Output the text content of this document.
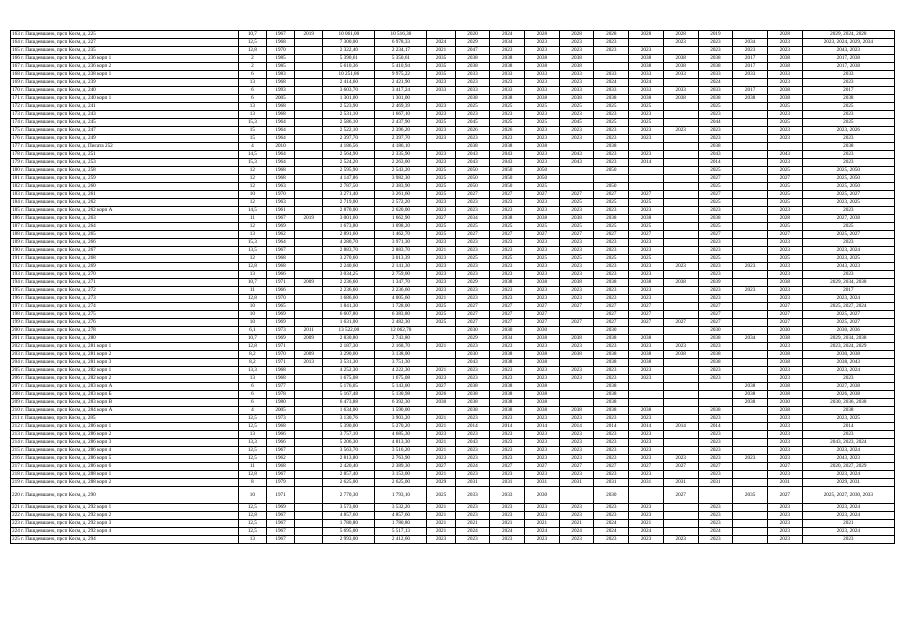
163 г. Пашдевшано, прсп Косм, д. 225	10,7	1967	2019	10 061,00	10 516,30		2020	2024	2028	2028	2028	2028	2028	2019		2028	2029, 2024, 2028
164 г. Пашдевшано, прсп Косм, д. 227	12,5	1968		7 300,00	6 978,33	2024	2029	2034	2023	2023	2023		2023	2023	2034	2023	2023, 2024, 2029, 2034
165 г. Пашдевшано, прсп Косм, д. 235	12,8	1970		2 322,40	2 234,17	2021	2047	2023	2023	2023	2023	2023		2023	2023	2023	2043, 2023
166 г. Пашдевшано, прсп Косм, д. 236 корп 1	2	1985		5 390,61	5 350,61	2035	2038	2038	2038	2038		2038	2038	2038	2017	2038	2017, 2038
167 г. Пашдевшано, прсп Косм, д. 236 корп 2	2	1985		5 610,36	5 410,94	2035	2038	2038	2038	2038		2038	2038	2038	2017	2038	2017, 2038
168 г. Пашдевшано, прсп Косм, д. 238 корп 1	6	1983		10 251,86	9 975,22	2035	2033	2033	2033	2033	2033	2033	2033	2033	2033	2033	2033
169 г. Пашдевшано, прсп Косм, д. 239	13	1968		2 414,60	2 421,90	2023	2023	2023	2023	2023	2024	2024		2024		2023	2023
170 г. Пашдевшано, прсп Косм, д. 240	6	1993		3 603,70	3 417,24	2033	2033	2033	2033	2033	2033	2033	2033	2033	2017	2038	2017
171 г. Пашдевшано, прсп Косм, д. 240 корп 1	6	2005		1 301,00	1 301,00		2038	2038	2038	2038	2038	2038	2038	2038	2038	2038	2038
172 г. Пашдевшано, прсп Косм, д. 241	13	1968		2 523,90	2 469,39	2023	2025	2025	2025	2025	2025	2025		2025		2025	2025
173 г. Пашдевшано, прсп Косм, д. 243	13	1968		2 531,10	1 667,10	2023	2023	2023	2023	2023	2023	2023		2023		2023	2023
174 г. Пашдевшано, прсп Косм, д. 245	15,3	1964		2 586,10	2 437,90	2025	2045	2025	2025	2045	2025	2025		2044		2025	2025
175 г. Пашдевшано, прсп Косм, д. 247	15	1964		2 522,10	2 396,20	2023	2026	2026	2023	2023	2023	2023	2023	2023		2023	2023, 2026
176 г. Пашдевшано, прсп Косм, д. 249	15	1964		2 397,70	2 397,70	2023	2023	2023	2023	2023	2023	2023		2023		2023	2023
177 г. Пашдевшано, прсп Косм, д. Писата 252	4	2010		4 186,56	4 186,10		2038	2038	2038		2038			2038			2038
178 г. Пашдевшано, прсп Косм, д. 251	14,5	1964		2 564,90	2 335,90	2023	2043	2043	2023	2043	2023	2023		2043		2043	2023
179 г. Пашдевшано, прсп Косм, д. 253	15,3	1964		2 524,20	2 263,00	2023	2043	2043	2023	2043	2023	2014		2014		2023	2023
180 г. Пашдевшано, прсп Косм, д. 258	12	1968		2 595,90	2 543,20	2025	2050	2050	2050		2050			2025		2025	2025, 2050
181 г. Пашдевшано, прсп Косм, д. 259	12	1968		4 147,86	3 982,30	2025	2050	2050	2050					2027		2027	2025, 2050
182 г. Пашдевшано, прсп Косм, д. 260	12	1963		2 787,50	2 383,90	2025	2050	2050	2025		2050			2025		2025	2025, 2050
183 г. Пашдевшано, прсп Косм, д. 261	10	1970		3 271,40	3 261,60	2025	2027	2027	2027	2027	2027	2027		2027		2025	2025, 2027
184 г. Пашдевшано, прсп Косм, д. 262	12	1963		2 719,00	2 572,20	2023	2023	2023	2023	2025	2025	2025		2025		2025	2023, 2025
185 г. Пашдевшано, прсп Косм, д. 262 корп А	14,5	1961		2 870,00	2 620,00	2023	2023	2023	2023	2023	2023	2023		2023		2023	2023
186 г. Пашдевшано, прсп Косм, д. 263	11	1967	2019	3 001,60	1 662,90	2027	2034	2038	2038	2038	2038	2038		2038		2028	2027, 2038
187 г. Пашдевшано, прсп Косм, д. 264	12	1969		1 673,80	1 098,20	2025	2025	2025	2025	2025	2025	2025		2025		2025	2025
188 г. Пашдевшано, прсп Косм, д. 265	13	1962		2 891,60	1 462,70	2025	2027	2027	2027	2027	2027	2027		2027		2027	2025, 2027
189 г. Пашдевшано, прсп Косм, д. 266	15,3	1964		4 280,70	3 971,30	2023	2023	2023	2023	2023	2023	2023		2023		2023	2023
190 г. Пашдевшано, прсп Косм, д. 267	13,5	1967		2 883,70	2 883,70	2021	2023	2023	2023	2023	2023	2023		2023		2023	2023, 2024
191 г. Пашдевшано, прсп Косм, д. 268	12	1968		3 270,60	3 013,39	2023	2025	2025	2025	2025	2025	2025		2025		2025	2023, 2025
192 г. Пашдевшано, прсп Косм, д. 269	12,8	1968		2 240,60	2 141,30	2023	2023	2023	2023	2023	2023	2023	2023	2023	2023	2023	2043, 2023
193 г. Пашдевшано, прсп Косм, д. 270	13	1966		3 034,25	2 759,00	2023	2023	2023	2023	2023	2023	2023		2023		2023	2023
194 г. Пашдевшано, прсп Косм, д. 271	10,7	1971	2009	2 236,60	1 347,70	2023	2029	2038	2038	2038	2038	2038	2038	2039		2038	2029, 2034, 2038
195 г. Пашдевшано, прсп Косм, д. 272	11	1966		2 236,60	2 236,60	2023	2023	2023	2023	2023	2023	2023		2023	2023	2023	2017
196 г. Пашдевшано, прсп Косм, д. 273	12,8	1970		1 686,60	4 005,60	2021	2023	2023	2023	2023	2023	2023		2023		2023	2023, 2024
197 г. Пашдевшано, прсп Косм, д. 274	10	1965		1 841,30	1 728,00	2025	2027	2027	2027	2027	2027	2027		2027		2027	2025, 2027, 2024
198 г. Пашдевшано, прсп Косм, д. 275	10	1969		6 607,80	6 383,80	2025	2027	2027	2027		2027	2027		2027		2027	2025, 2027
199 г. Пашдевшано, прсп Косм, д. 276	10	1969		1 631,00	2 482,30	2025	2027	2027	2027	2027	2027	2027	2027	2027		2027	2025, 2027
200 г. Пашдевшано, прсп Косм, д. 278	6,1	1973	2011	13 522,00	12 062,70		2030	2030	2030		2030			2030		2030	2030, 2036
201 г. Пашдевшано, прсп Косм, д. 280	10,7	1969	2009	2 830,80	2 743,80		2029	2034	2038	2038	2038	2038		2038	2034	2038	2029, 2034, 2038
202 г. Пашдевшано, прсп Косм, д. 281 корп 1	12,8	1971		2 187,30	2 168,70	2021	2023	2023	2023	2023	2023	2023	2023	2023		2023	2023, 2024, 2029
203 г. Пашдевшано, прсп Косм, д. 281 корп 2	8,2	1970	2009	3 290,00	3 138,00		2030	2038	2038	2038	2038	2038	2038	2038		2038	2030, 2038
204 г. Пашдевшано, прсп Косм, д. 281 корп 3	8,2	1971	2013	3 531,30	3 751,30		2043	2038	2038		2038	2038		2038		2038	2038, 2043
205 г. Пашдевшано, прсп Косм, д. 282 корп 1	13,3	1968		4 252,30	4 222,30	2021	2023	2023	2023	2023	2023	2023		2023		2023	2023, 2024
206 г. Пашдевшано, прсп Косм, д. 282 корп 2	13	1968		1 675,08	1 675,08	2023	2023	2023	2023	2023	2023	2023		2023		2023	2023
207 г. Пашдевшано, прсп Косм, д. 283 корп А	6	1977		5 176,05	5 143,00	2027	2038	2038	2038		2038				2038	2038	2027, 2038
208 г. Пашдевшано, прсп Косм, д. 283 корп Б	6	1978		5 167,48	5 130,98	2026	2038	2038	2038		2038				2038	2038	2026, 2038
209 г. Пашдевшано, прсп Косм, д. 283 корп В	6	1980		6 473,88	6 392,30	2030	2038	2038	2038		2038				2038	2030	2030, 2036, 2038
210 г. Пашдевшано, прсп Косм, д. 284 корп А	4	2005		1 634,00	1 590,00		2038	2038	2038	2038	2038	2038		2038		2038	2038
211 г. Пашдевшано, прсп Косм, д. 285	12,5	1973		3 130,76	3 903,20	2021	2023	2023	2023	2023	2023	2023		2023		2023	2023, 2025
212 г. Пашдевшано, прсп Косм, д. 286 корп 1	12,5	1968		5 390,00	5 270,20	2021	2014	2014	2014	2014	2014	2014	2014	2014		2023	2014
213 г. Пашдевшано, прсп Косм, д. 286 корп 2	13	1966		3 757,10	4 685,30	2023	2023	2023	2023	2023	2023	2023		2023		2023	2023
214 г. Пашдевшано, прсп Косм, д. 286 корп 3	13,3	1966		5 206,30	4 813,30	2021	2043	2023	2023	2023	2023	2023		2023		2023	2043, 2023, 2024
215 г. Пашдевшано, прсп Косм, д. 286 корп 4	12,5	1967		3 563,70	3 516,20	2021	2023	2023	2023	2023	2023	2023		2023		2023	2023, 2024
216 г. Пашдевшано, прсп Косм, д. 286 корп 5	12,5	1962		2 813,80	2 763,90	2023	2023	2023	2023	2023	2023	2023	2023	2023	2023	2023	2043, 2023
217 г. Пашдевшано, прсп Косм, д. 286 корп 6	11	1968		2 420,40	2 389,30	2027	2024	2027	2027	2027	2027	2027	2027	2027		2027	2020, 2027, 2029
218 г. Пашдевшано, прсп Косм, д. 288 корп 1	12,8	1967		2 857,40	3 153,00	2021	2023	2023	2023	2023	2023	2023		2023		2023	2023, 2024
219 г. Пашдевшано, прсп Косм, д. 288 корп 2	8	1979		2 625,00	2 625,00	2029	2031	2031	2031	2031	2031	2031	2031	2031		2031	2029, 2031
220 г. Пашдевшано, прсп Косм, д. 290	10	1971		2 770,30	1 793,10	2025	2033	2033	2030		2030		2027		2035	2027	2025, 2027, 2030, 2033
221 г. Пашдевшано, прсп Косм, д. 292 корп 1	12,5	1969		3 573,00	3 532,20	2021	2023	2023	2023	2023	2023	2023		2023		2023	2023, 2024
222 г. Пашдевшано, прсп Косм, д. 292 корп 2	12,8	1967		4 857,60	4 857,60	2021	2023	2023	2023	2023	2023	2023		2023		2023	2023, 2024
223 г. Пашдевшано, прсп Косм, д. 292 корп 3	12,5	1967		1 780,80	1 780,80	2021	2021	2021	2021	2021	2024	2021		2023		2023	2021
224 г. Пашдевшано, прсп Косм, д. 292 корп 4	12,5	1967		5 695,00	5 517,13	2021	2024	2024	2024	2024	2024	2024		2024		2023	2023, 2024
225 г. Пашдевшано, прсп Косм, д. 294	13	1967		2 993,00	2 412,60	2023	2023	2023	2023	2023	2023	2023	2023	2023		2023	2023
